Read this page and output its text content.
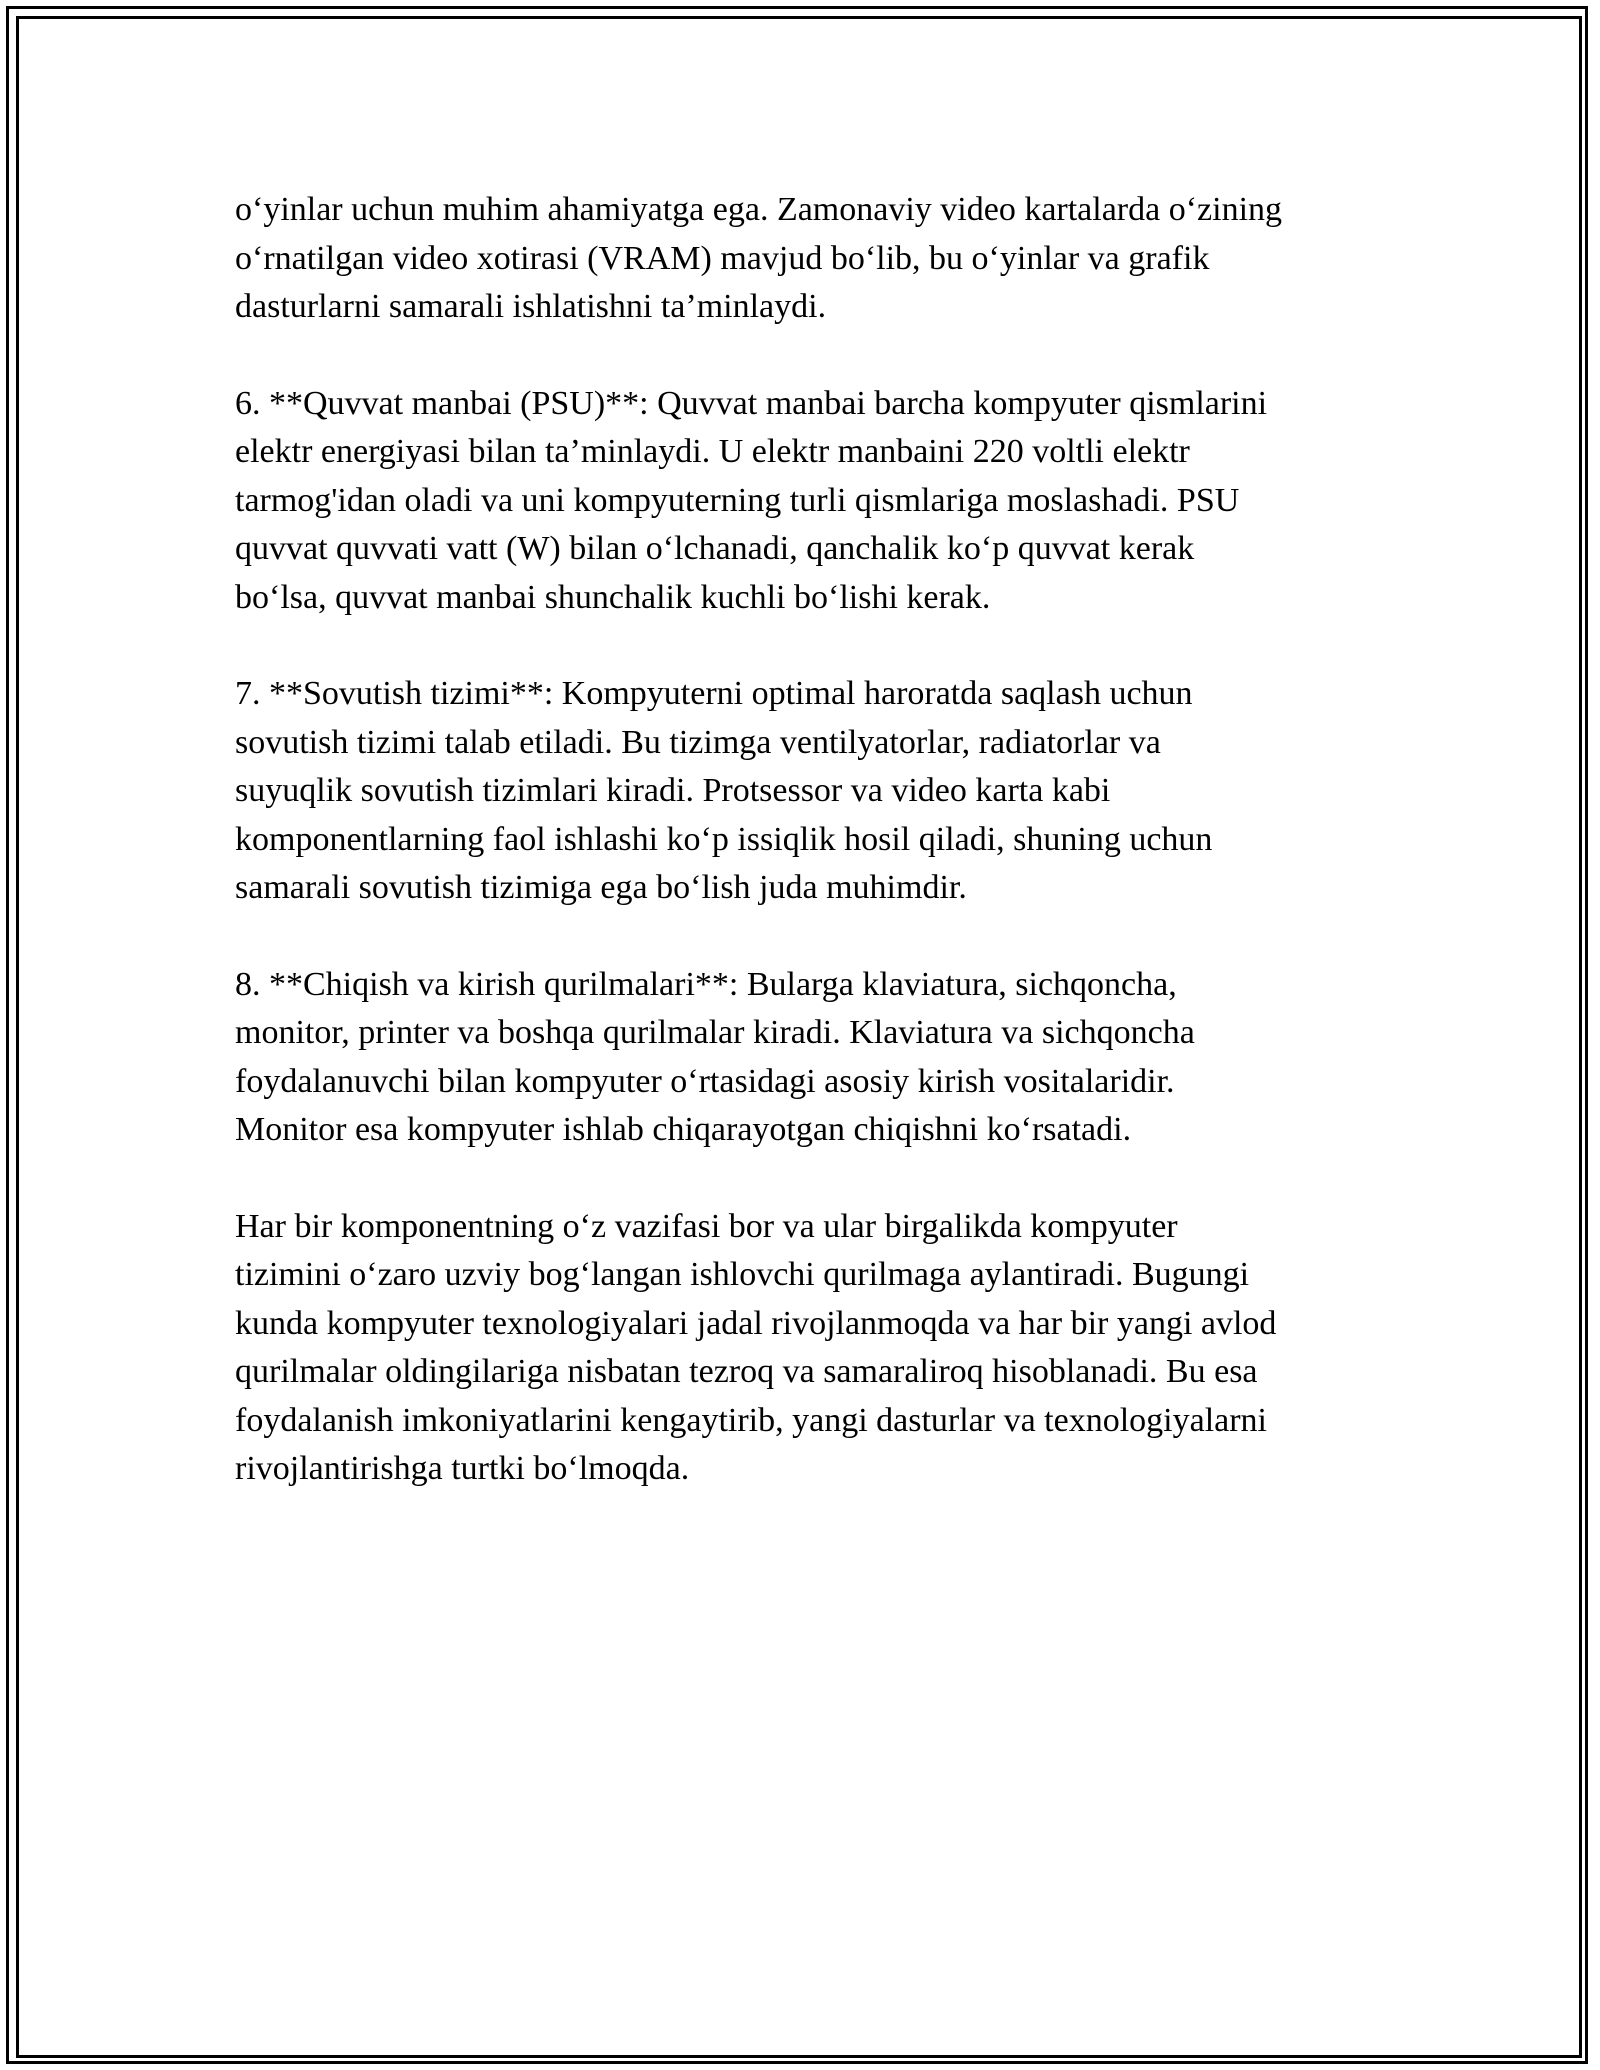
o‘yinlar uchun muhim ahamiyatga ega. Zamonaviy video kartalarda o‘zining
o‘rnatilgan video xotirasi (VRAM) mavjud bo‘lib, bu o‘yinlar va grafik
dasturlarni samarali ishlatishni ta’minlaydi.

6. **Quvvat manbai (PSU)**: Quvvat manbai barcha kompyuter qismlarini
elektr energiyasi bilan ta’minlaydi. U elektr manbaini 220 voltli elektr
tarmog'idan oladi va uni kompyuterning turli qismlariga moslashadi. PSU
quvvat quvvati vatt (W) bilan o‘lchanadi, qanchalik ko‘p quvvat kerak
bo‘lsa, quvvat manbai shunchalik kuchli bo‘lishi kerak.

7. **Sovutish tizimi**: Kompyuterni optimal haroratda saqlash uchun
sovutish tizimi talab etiladi. Bu tizimga ventilyatorlar, radiatorlar va
suyuqlik sovutish tizimlari kiradi. Protsessor va video karta kabi
komponentlarning faol ishlashi ko‘p issiqlik hosil qiladi, shuning uchun
samarali sovutish tizimiga ega bo‘lish juda muhimdir.

8. **Chiqish va kirish qurilmalari**: Bularga klaviatura, sichqoncha,
monitor, printer va boshqa qurilmalar kiradi. Klaviatura va sichqoncha
foydalanuvchi bilan kompyuter o‘rtasidagi asosiy kirish vositalaridir.
Monitor esa kompyuter ishlab chiqarayotgan chiqishni ko‘rsatadi.

Har bir komponentning o‘z vazifasi bor va ular birgalikda kompyuter
tizimini o‘zaro uzviy bog‘langan ishlovchi qurilmaga aylantiradi. Bugungi
kunda kompyuter texnologiyalari jadal rivojlanmoqda va har bir yangi avlod
qurilmalar oldingilariga nisbatan tezroq va samaraliroq hisoblanadi. Bu esa
foydalanish imkoniyatlarini kengaytirib, yangi dasturlar va texnologiyalarni
rivojlantirishga turtki bo‘lmoqda.
